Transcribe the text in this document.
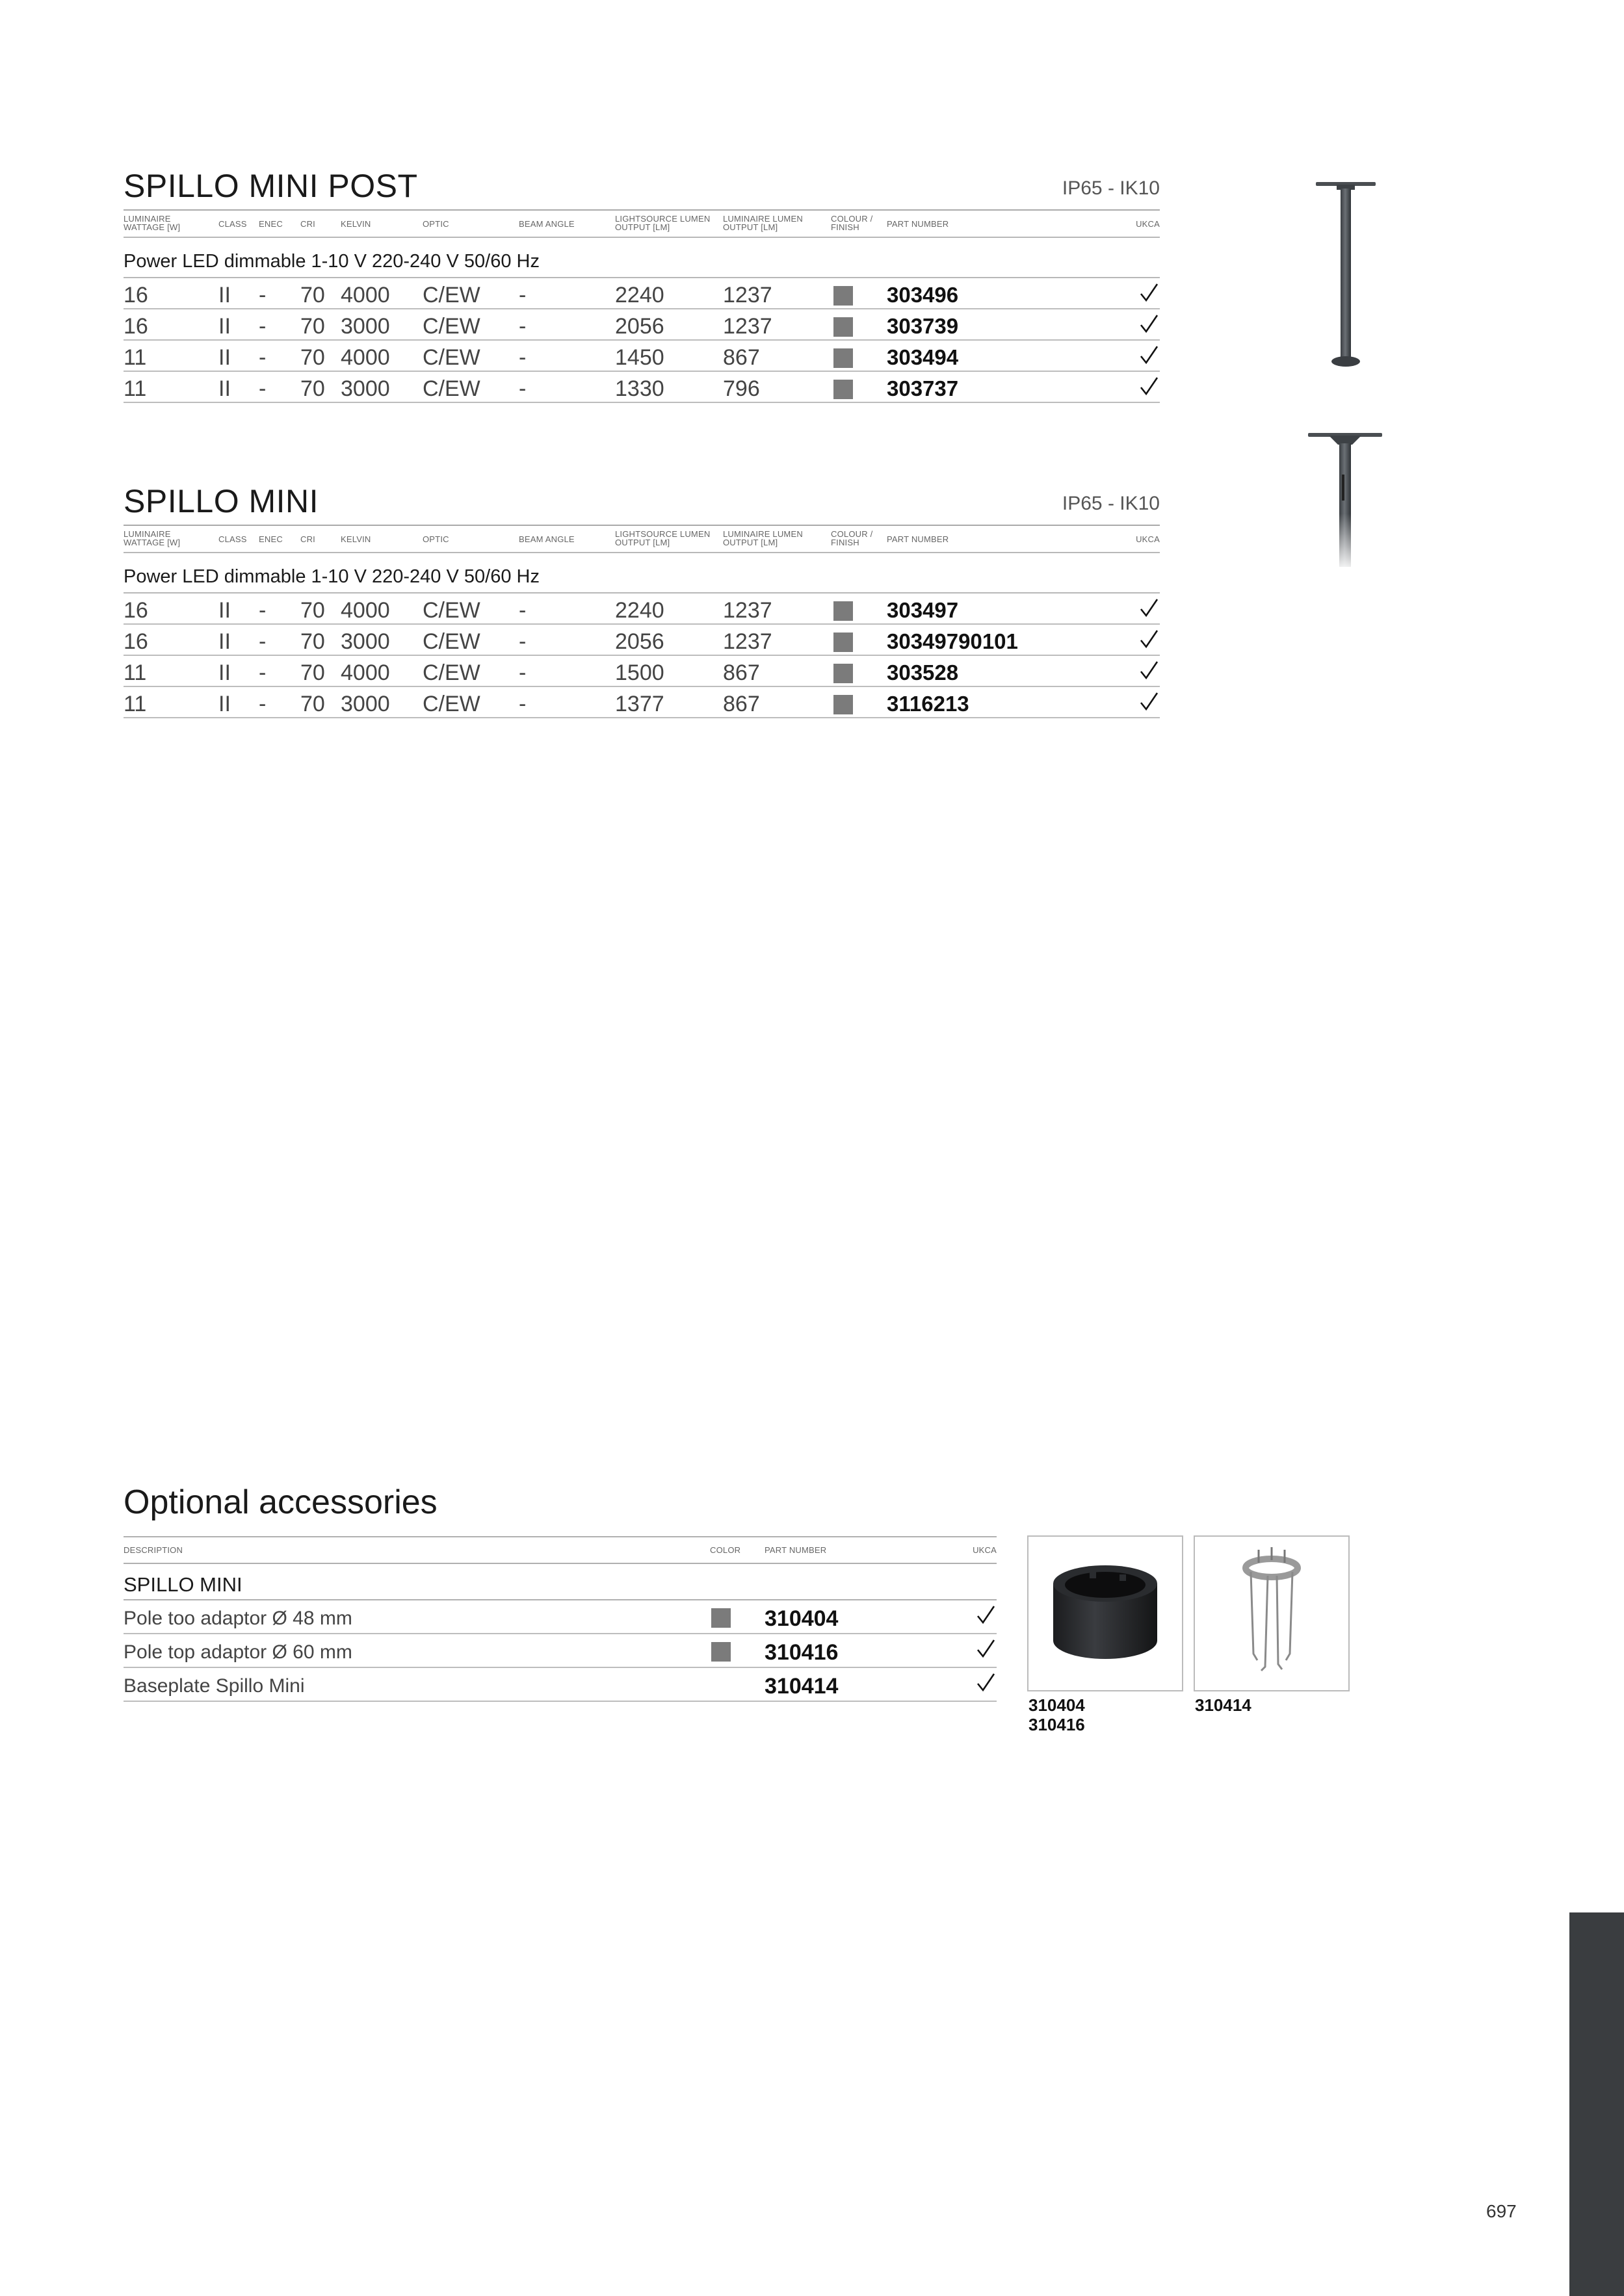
SPILLO MINI POST	IP65 - IK10
LUMINAIRE
WATTAGE [W]	CLASS ENEC CRI	KELVIN	OPTIC	BEAM ANGLE
LIGHTSOURCE LUMEN
OUTPUT [LM]
LUMINAIRE LUMEN
OUTPUT [LM]
COLOUR /
FINISH	PART NUMBER	UKCA
Power LED dimmable 1-10 V 220-240 V 50/60 Hz
16	II - 70 4000 C/EW -	2240	1237	303496
16	II - 70 3000 C/EW -	2056	1237	303739
11	II - 70 4000 C/EW -	1450	867	303494
11	II - 70 3000 C/EW -	1330	796	303737
SPILLO MINI	IP65 - IK10
LUMINAIRE
WATTAGE [W]	CLASS ENEC CRI	KELVIN	OPTIC	BEAM ANGLE
LIGHTSOURCE LUMEN
OUTPUT [LM]
LUMINAIRE LUMEN
OUTPUT [LM]
COLOUR /
FINISH	PART NUMBER	UKCA
Power LED dimmable 1-10 V 220-240 V 50/60 Hz
16	II - 70 4000 C/EW -	2240	1237	303497
16	II - 70 3000 C/EW -	2056	1237	30349790101
11	II - 70 4000 C/EW -	1500	867	303528
11	II - 70 3000 C/EW -	1377	867	3116213
Optional accessories
DESCRIPTION	COLOR	PART NUMBER	UKCA
SPILLO MINI
Pole too adaptor Ø 48 mm	310404
Pole top adaptor Ø 60 mm	310416
Baseplate Spillo Mini	310414
310404
310416
310414
697
